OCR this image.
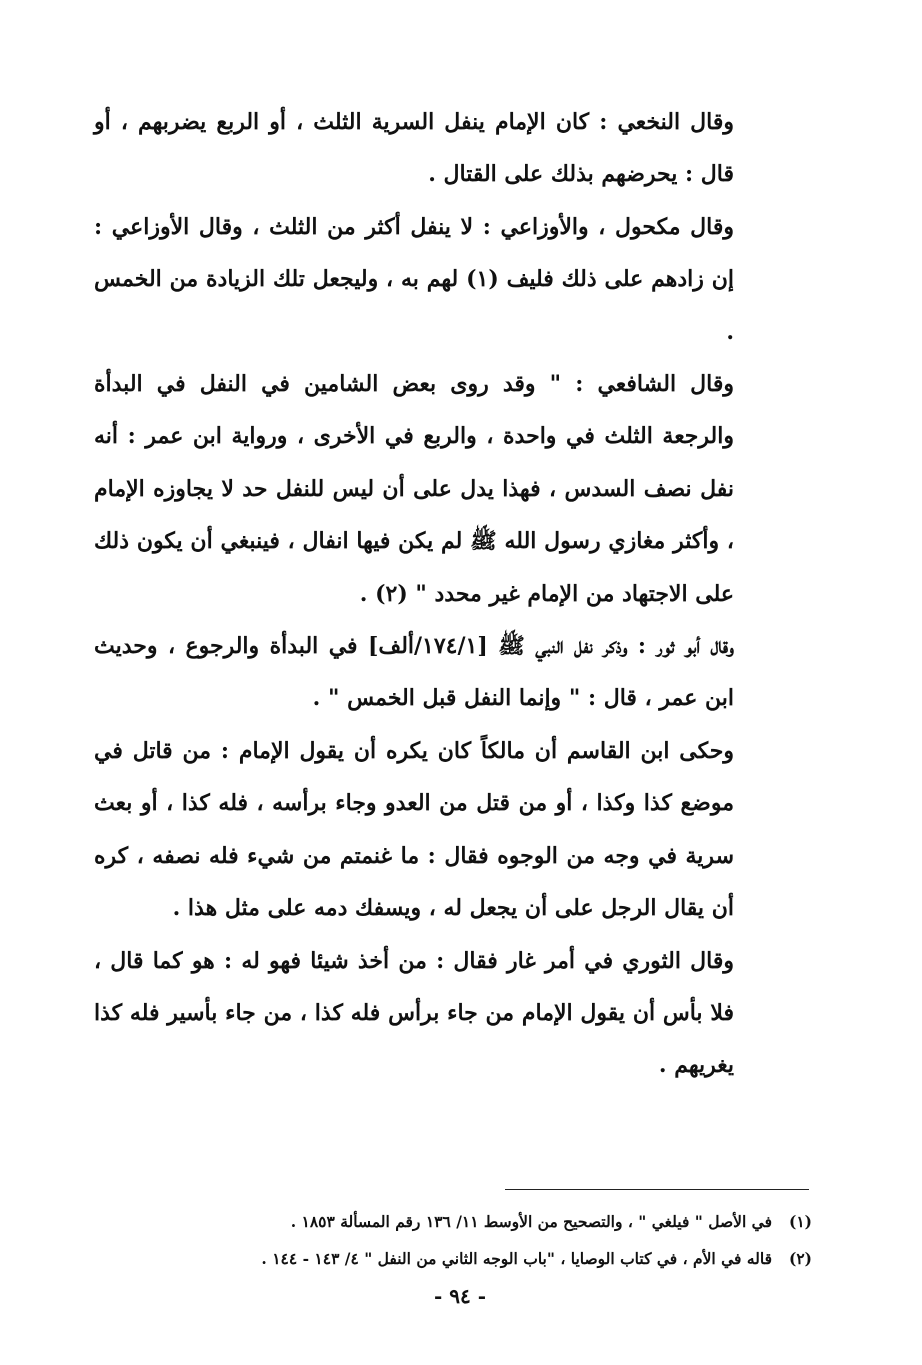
وقال النخعي : كان الإمام ينفل السرية الثلث ، أو الربع يضربهم ، أو قال : يحرضهم بذلك على القتال .

وقال مكحول ، والأوزاعي : لا ينفل أكثر من الثلث ، وقال الأوزاعي : إن زادهم على ذلك فليف (١) لهم به ، وليجعل تلك الزيادة من الخمس .

وقال الشافعي : " وقد روى بعض الشامين في النفل في البدأة والرجعة الثلث في واحدة ، والربع في الأخرى ، ورواية ابن عمر : أنه نفل نصف السدس ، فهذا يدل على أن ليس للنفل حد لا يجاوزه الإمام ، وأكثر مغازي رسول الله ﷺ لم يكن فيها انفال ، فينبغي أن يكون ذلك على الاجتهاد من الإمام غير محدد " (٢) .

وقال أبو ثور : وذكر نفل النبي ﷺ [١٧٤/١/ألف] في البدأة والرجوع ، وحديث ابن عمر ، قال : " وإنما النفل قبل الخمس " .

وحكى ابن القاسم أن مالكاً كان يكره أن يقول الإمام : من قاتل في موضع كذا وكذا ، أو من قتل من العدو وجاء برأسه ، فله كذا ، أو بعث سرية في وجه من الوجوه فقال : ما غنمتم من شيء فله نصفه ، كره أن يقال الرجل على أن يجعل له ، ويسفك دمه على مثل هذا .

وقال الثوري في أمر غار فقال : من أخذ شيئا فهو له : هو كما قال ، فلا بأس أن يقول الإمام من جاء برأس فله كذا ، من جاء بأسير فله كذا يغريهم .

(١)
في الأصل " فيلغي " ، والتصحيح من الأوسط ١١/ ١٣٦ رقم المسألة ١٨٥٣ .
(٢)
قاله في الأم ، في كتاب الوصايا ، "باب الوجه الثاني من النفل " ٤/ ١٤٣ - ١٤٤ .
- ٩٤ -
